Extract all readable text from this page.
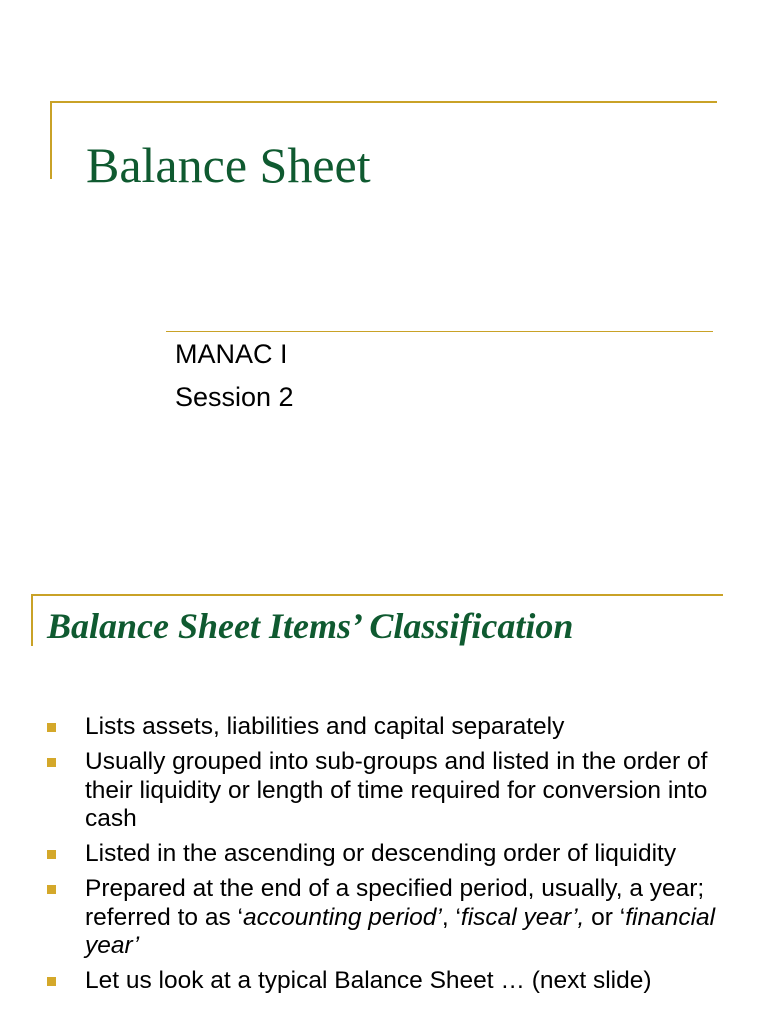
Balance Sheet
MANAC I
Session 2
Balance Sheet Items’ Classification
Lists assets, liabilities and capital separately
Usually grouped into sub-groups and listed in the order of their liquidity or length of time required for conversion into cash
Listed in the ascending or descending order of liquidity
Prepared at the end of a specified period, usually, a year; referred to as ‘accounting period’, ‘fiscal year’, or ‘financial year’
Let us look at a typical Balance Sheet … (next slide)
